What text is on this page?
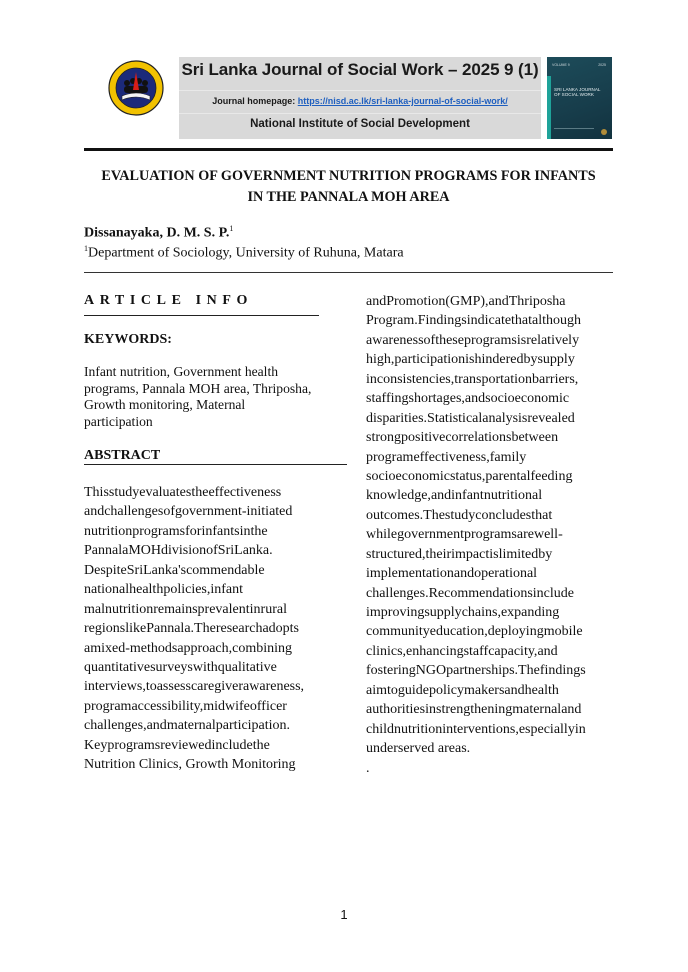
Sri Lanka Journal of Social Work – 2025 9 (1)
Journal homepage: https://nisd.ac.lk/sri-lanka-journal-of-social-work/
National Institute of Social Development
VOLUME 9	2025
SRI LANKA JOURNAL OF SOCIAL WORK
EVALUATION OF GOVERNMENT NUTRITION PROGRAMS FOR INFANTS
IN THE PANNALA MOH AREA
Dissanayaka, D. M. S. P.$^1$
$^1$Department of Sociology, University of Ruhuna, Matara
ARTICLE INFO
KEYWORDS:
Infant nutrition, Government health
programs, Pannala MOH area, Thriposha,
Growth monitoring, Maternal
participation
ABSTRACT
Thisstudyevaluatestheeffectiveness
andchallengesofgovernment-initiated
nutritionprogramsforinfantsinthe
PannalaMOHdivisionofSriLanka.
DespiteSriLanka'scommendable
nationalhealthpolicies,infant
malnutritionremainsprevalentinrural
regionslikePannala.Theresearchadopts
amixed-methodsapproach,combining
quantitativesurveyswithqualitative
interviews,toassesscaregiverawareness,
programaccessibility,midwifeofficer
challenges,andmaternalparticipation.
Keyprogramsreviewedincludethe
Nutrition Clinics, Growth Monitoring
andPromotion(GMP),andThriposha
Program.Findingsindicatethatalthough
awarenessoftheseprogramsisrelatively
high,participationishinderedbysupply
inconsistencies,transportationbarriers,
staffingshortages,andsocioeconomic
disparities.Statisticalanalysisrevealed
strongpositivecorrelationsbetween
programeffectiveness,family
socioeconomicstatus,parentalfeeding
knowledge,andinfantnutritional
outcomes.Thestudyconcludesthat
whilegovernmentprogramsarewell-
structured,theirimpactislimitedby
implementationandoperational
challenges.Recommendationsinclude
improvingsupplychains,expanding
communityeducation,deployingmobile
clinics,enhancingstaffcapacity,and
fosteringNGOpartnerships.Thefindings
aimtoguidepolicymakersandhealth
authoritiesinstrengtheningmaternaland
childnutritioninterventions,especiallyin
underserved areas.
.
1
